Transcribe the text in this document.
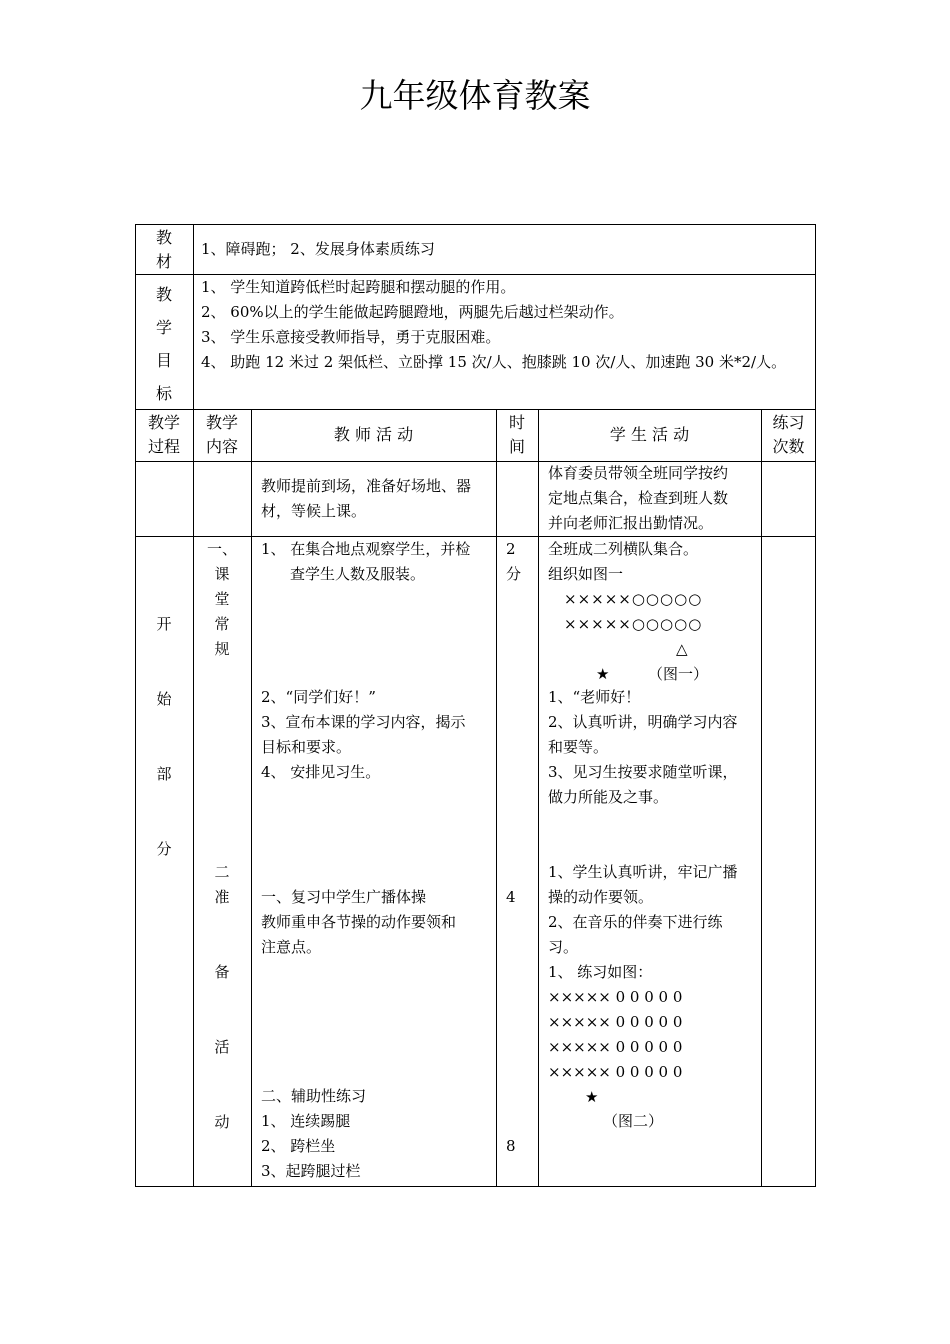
九年级体育教案
教
材
1、障碍跑； 2、发展身体素质练习
教
学
目
标
1、 学生知道跨低栏时起跨腿和摆动腿的作用。
2、 60%以上的学生能做起跨腿蹬地，两腿先后越过栏架动作。
3、 学生乐意接受教师指导，勇于克服困难。
4、 助跑 12 米过 2 架低栏、立卧撑 15 次/人、抱膝跳 10 次/人、加速跑 30 米*2/人。
教学
过程
教学
内容
教 师 活 动
时
间
学 生 活 动
练习
次数
教师提前到场，准备好场地、器
材，等候上课。
体育委员带领全班同学按约
定地点集合，检查到班人数
并向老师汇报出勤情况。
开
始
部
分
一、
课
堂
常
规
二
准
备
活
动
1、 在集合地点观察学生，并检
查学生人数及服装。
2、“同学们好！”
3、宣布本课的学习内容，揭示
目标和要求。
4、 安排见习生。
一、复习中学生广播体操
教师重申各节操的动作要领和
注意点。
二、辅助性练习
1、 连续踢腿
2、 跨栏坐
3、起跨腿过栏
2
分
4
8
全班成二列横队集合。
组织如图一
×××××○○○○○
×××××○○○○○
△
★	（图一）
1、“老师好！
2、认真听讲，明确学习内容
和要等。
3、见习生按要求随堂听课，
做力所能及之事。
1、学生认真听讲，牢记广播
操的动作要领。
2、在音乐的伴奏下进行练
习。
1、 练习如图：
××××× 0 0 0 0 0
××××× 0 0 0 0 0
××××× 0 0 0 0 0
××××× 0 0 0 0 0
★
（图二）
